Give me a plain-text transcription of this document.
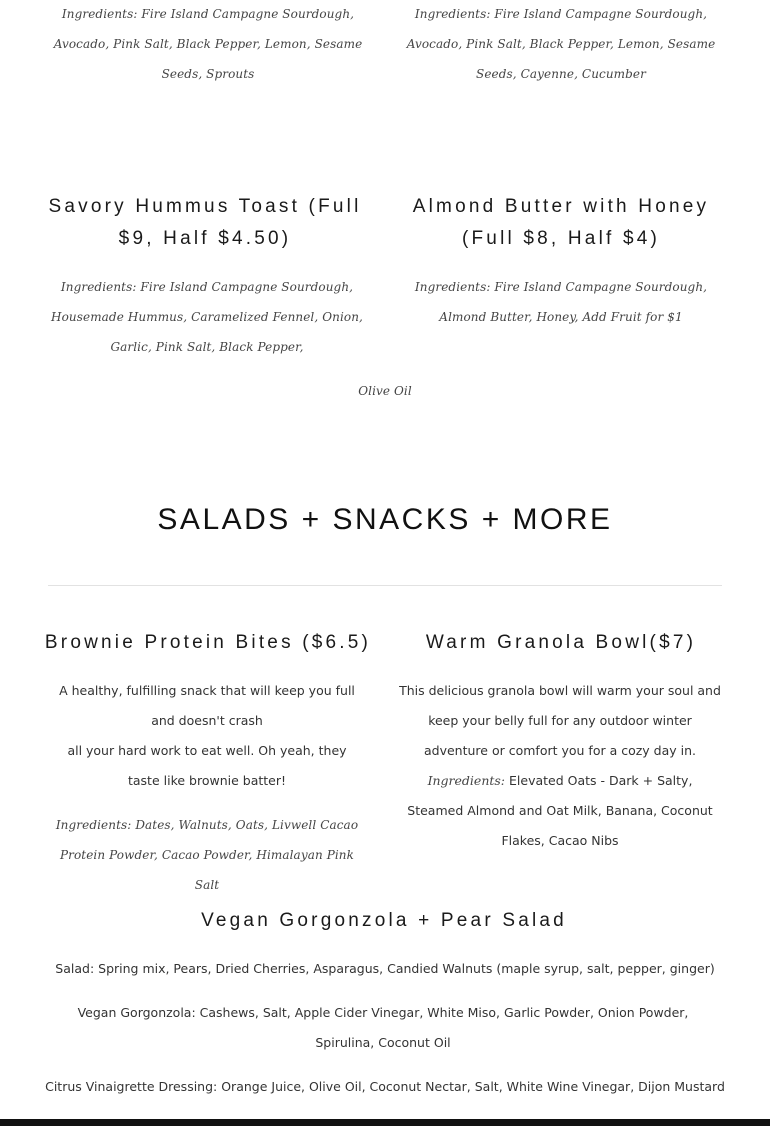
Ingredients: Fire Island Campagne Sourdough, Avocado, Pink Salt, Black Pepper, Lemon, Sesame Seeds, Sprouts
Ingredients: Fire Island Campagne Sourdough, Avocado, Pink Salt, Black Pepper, Lemon, Sesame Seeds, Cayenne, Cucumber
Savory Hummus Toast (Full $9, Half $4.50)
Ingredients: Fire Island Campagne Sourdough, Housemade Hummus, Caramelized Fennel, Onion, Garlic, Pink Salt, Black Pepper,
Almond Butter with Honey (Full $8, Half $4)
Ingredients: Fire Island Campagne Sourdough, Almond Butter, Honey, Add Fruit for $1
Olive Oil
SALADS + SNACKS + MORE
Brownie Protein Bites ($6.5)
A healthy, fulfilling snack that will keep you full and doesn't crash
all your hard work to eat well. Oh yeah, they taste like brownie batter!
Ingredients: Dates, Walnuts, Oats, Livwell Cacao Protein Powder, Cacao Powder, Himalayan Pink Salt
Warm Granola Bowl($7)
This delicious granola bowl will warm your soul and keep your belly full for any outdoor winter adventure or comfort you for a cozy day in.
Ingredients: Elevated Oats - Dark + Salty, Steamed Almond and Oat Milk, Banana, Coconut Flakes, Cacao Nibs
Vegan Gorgonzola + Pear Salad
Salad: Spring mix, Pears, Dried Cherries, Asparagus, Candied Walnuts (maple syrup, salt, pepper, ginger)
Vegan Gorgonzola: Cashews, Salt, Apple Cider Vinegar, White Miso, Garlic Powder, Onion Powder, Spirulina, Coconut Oil
Citrus Vinaigrette Dressing: Orange Juice, Olive Oil, Coconut Nectar, Salt, White Wine Vinegar, Dijon Mustard
